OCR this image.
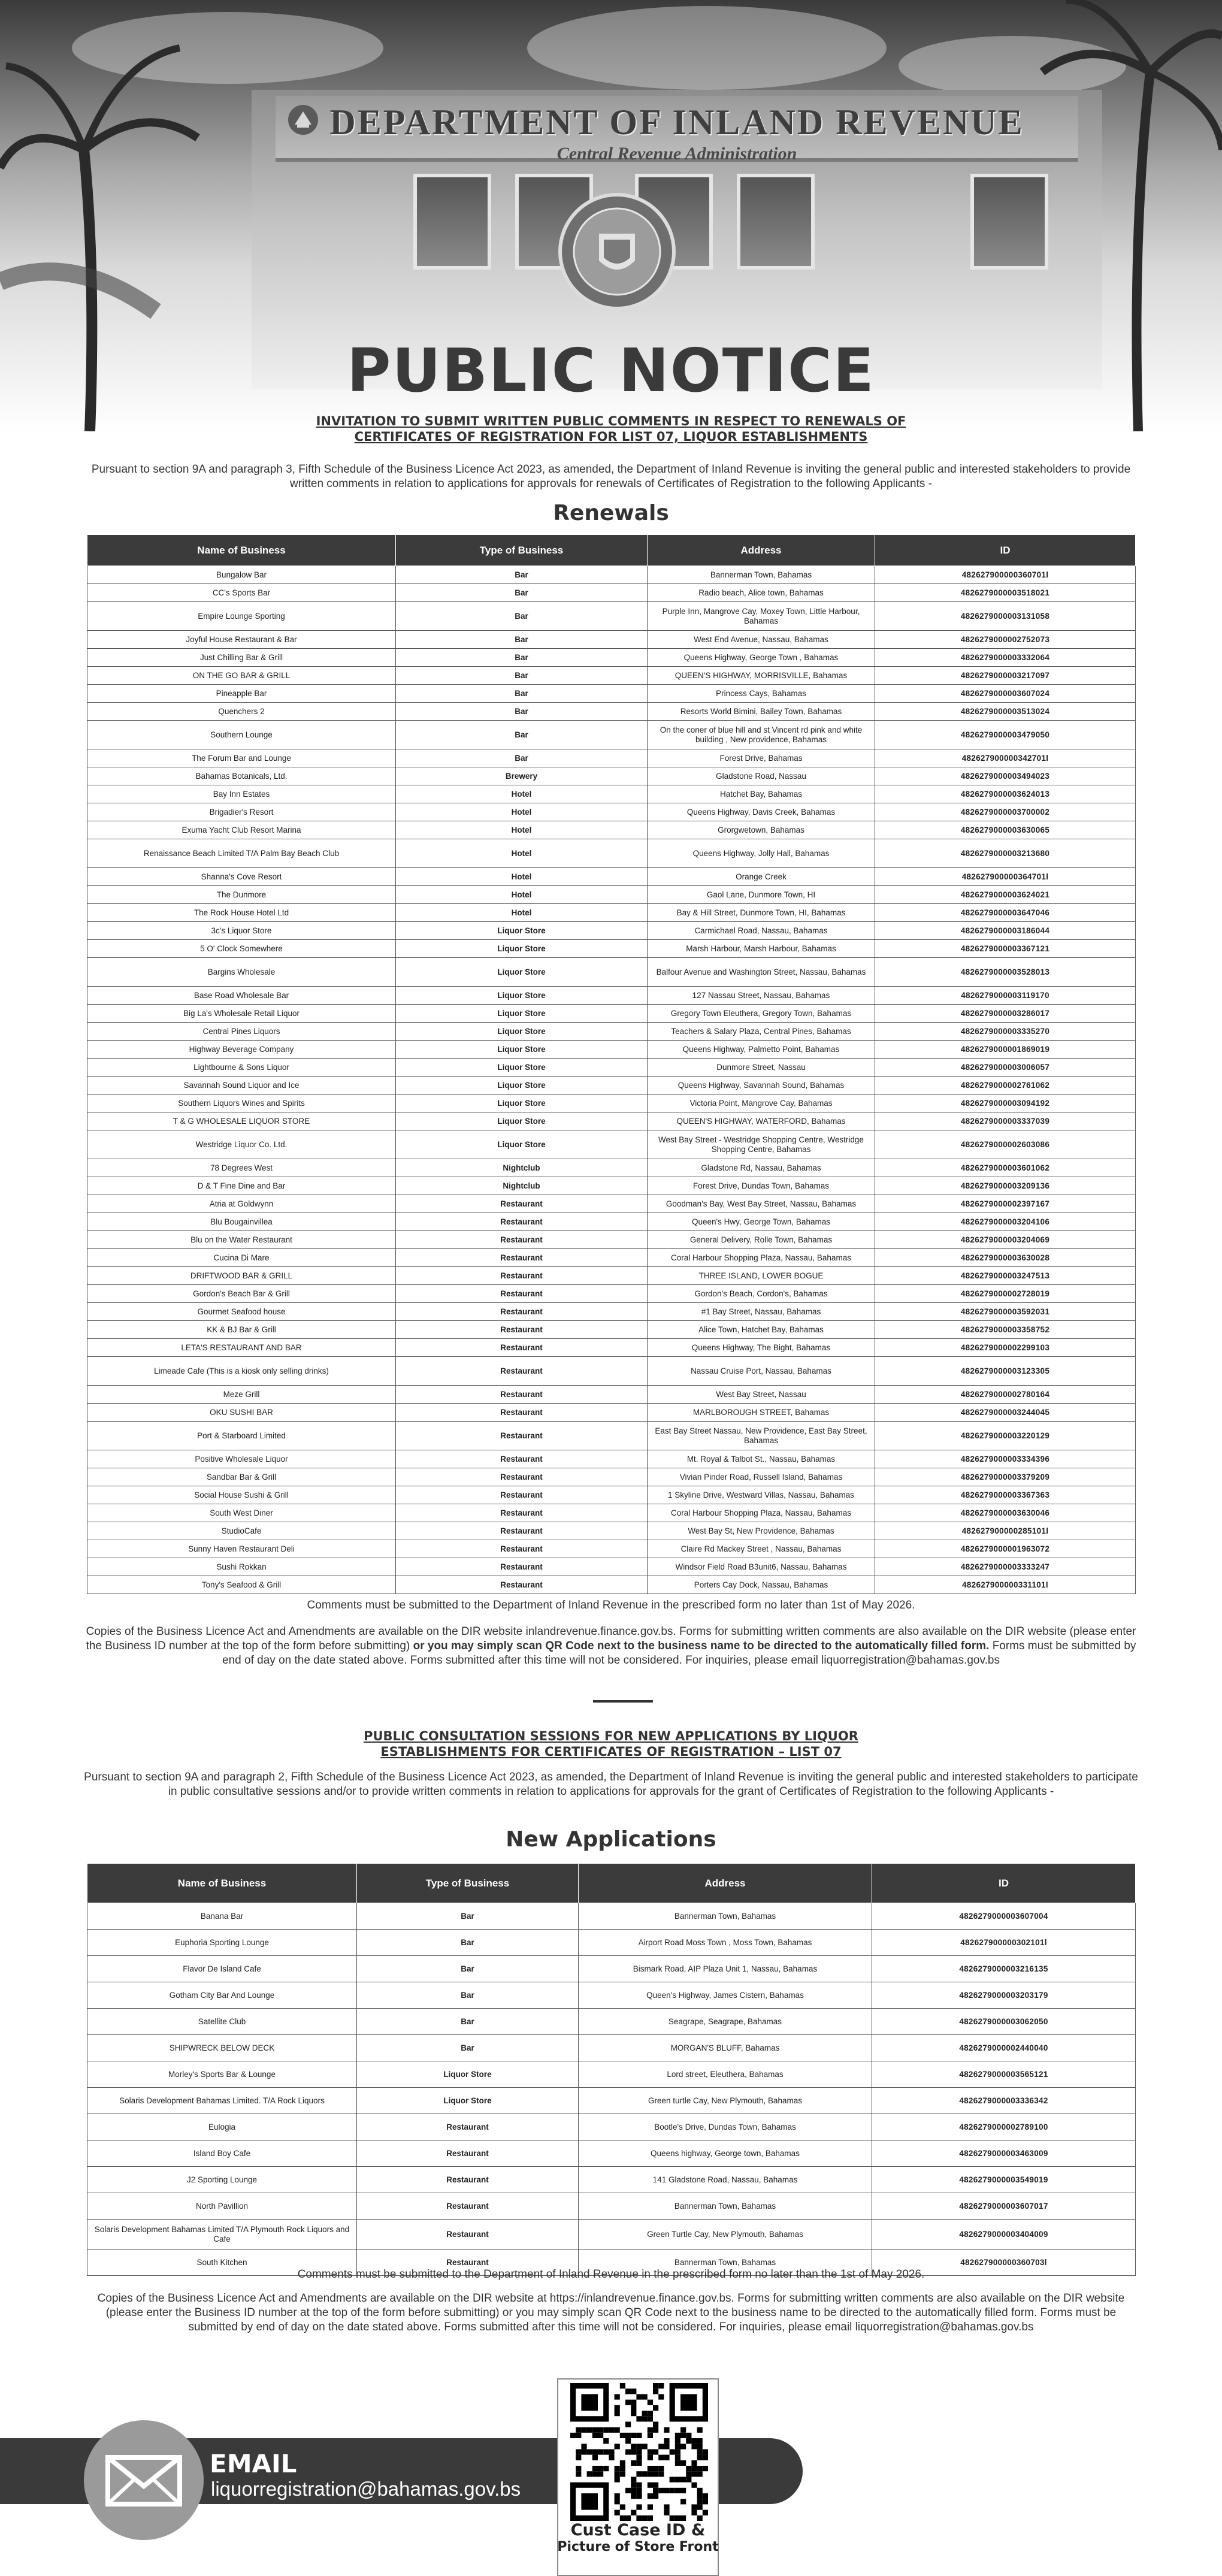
DEPARTMENT OF INLAND REVENUE
Central Revenue Administration
PUBLIC NOTICE
INVITATION TO SUBMIT WRITTEN PUBLIC COMMENTS IN RESPECT TO RENEWALS OF
CERTIFICATES OF REGISTRATION FOR LIST 07, LIQUOR ESTABLISHMENTS
Pursuant to section 9A and paragraph 3, Fifth Schedule of the Business Licence Act 2023, as amended, the Department of Inland Revenue is inviting the general public and interested stakeholders to provide written comments in relation to applications for approvals for renewals of Certificates of Registration to the following Applicants -
Renewals
Name of Business	Type of Business	Address	ID
Bungalow Bar	Bar	Bannerman Town, Bahamas	482627900000360701l
CC's Sports Bar	Bar	Radio beach, Alice town, Bahamas	4826279000003518021
Empire Lounge Sporting	Bar	Purple Inn, Mangrove Cay, Moxey Town, Little Harbour, Bahamas	4826279000003131058
Joyful House Restaurant & Bar	Bar	West End Avenue, Nassau, Bahamas	4826279000002752073
Just Chilling Bar & Grill	Bar	Queens Highway, George Town , Bahamas	4826279000003332064
ON THE GO BAR & GRILL	Bar	QUEEN'S HIGHWAY, MORRISVILLE, Bahamas	4826279000003217097
Pineapple Bar	Bar	Princess Cays, Bahamas	4826279000003607024
Quenchers 2	Bar	Resorts World Bimini, Bailey Town, Bahamas	4826279000003513024
Southern Lounge	Bar	On the coner of blue hill and st Vincent rd pink and white building , New providence, Bahamas	4826279000003479050
The Forum Bar and Lounge	Bar	Forest Drive, Bahamas	482627900000342701l
Bahamas Botanicals, Ltd.	Brewery	Gladstone Road, Nassau	4826279000003494023
Bay Inn Estates	Hotel	Hatchet Bay, Bahamas	4826279000003624013
Brigadier's Resort	Hotel	Queens Highway, Davis Creek, Bahamas	4826279000003700002
Exuma Yacht Club Resort Marina	Hotel	Grorgwetown, Bahamas	4826279000003630065
Renaissance Beach Limited T/A Palm Bay Beach Club	Hotel	Queens Highway, Jolly Hall, Bahamas	4826279000003213680
Shanna's Cove Resort	Hotel	Orange Creek	482627900000364701l
The Dunmore	Hotel	Gaol Lane, Dunmore Town, HI	4826279000003624021
The Rock House Hotel Ltd	Hotel	Bay & Hill Street, Dunmore Town, HI, Bahamas	4826279000003647046
3c's Liquor Store	Liquor Store	Carmichael Road, Nassau, Bahamas	4826279000003186044
5 O' Clock Somewhere	Liquor Store	Marsh Harbour, Marsh Harbour, Bahamas	4826279000003367121
Bargins Wholesale	Liquor Store	Balfour Avenue and Washington Street, Nassau, Bahamas	4826279000003528013
Base Road Wholesale Bar	Liquor Store	127 Nassau Street, Nassau, Bahamas	4826279000003119170
Big La's Wholesale Retail Liquor	Liquor Store	Gregory Town Eleuthera, Gregory Town, Bahamas	4826279000003286017
Central Pines Liquors	Liquor Store	Teachers & Salary Plaza, Central Pines, Bahamas	4826279000003335270
Highway Beverage Company	Liquor Store	Queens Highway, Palmetto Point, Bahamas	4826279000001869019
Lightbourne & Sons Liquor	Liquor Store	Dunmore Street, Nassau	4826279000003006057
Savannah Sound Liquor and Ice	Liquor Store	Queens Highway, Savannah Sound, Bahamas	4826279000002761062
Southern Liquors Wines and Spirits	Liquor Store	Victoria Point, Mangrove Cay, Bahamas	4826279000003094192
T & G WHOLESALE LIQUOR STORE	Liquor Store	QUEEN'S HIGHWAY, WATERFORD, Bahamas	4826279000003337039
Westridge Liquor Co. Ltd.	Liquor Store	West Bay Street - Westridge Shopping Centre, Westridge Shopping Centre, Bahamas	4826279000002603086
78 Degrees West	Nightclub	Gladstone Rd, Nassau, Bahamas	4826279000003601062
D & T Fine Dine and Bar	Nightclub	Forest Drive, Dundas Town, Bahamas	4826279000003209136
Atria at Goldwynn	Restaurant	Goodman's Bay, West Bay Street, Nassau, Bahamas	4826279000002397167
Blu Bougainvillea	Restaurant	Queen's Hwy, George Town, Bahamas	4826279000003204106
Blu on the Water Restaurant	Restaurant	General Delivery, Rolle Town, Bahamas	4826279000003204069
Cucina Di Mare	Restaurant	Coral Harbour Shopping Plaza, Nassau, Bahamas	4826279000003630028
DRIFTWOOD BAR & GRILL	Restaurant	THREE ISLAND, LOWER BOGUE	4826279000003247513
Gordon's Beach Bar & Grill	Restaurant	Gordon's Beach, Cordon's, Bahamas	4826279000002728019
Gourmet Seafood house	Restaurant	#1 Bay Street, Nassau, Bahamas	4826279000003592031
KK & BJ Bar & Grill	Restaurant	Alice Town, Hatchet Bay, Bahamas	4826279000003358752
LETA'S RESTAURANT AND BAR	Restaurant	Queens Highway, The Bight, Bahamas	4826279000002299103
Limeade Cafe (This is a kiosk only selling drinks)	Restaurant	Nassau Cruise Port, Nassau, Bahamas	4826279000003123305
Meze Grill	Restaurant	West Bay Street, Nassau	4826279000002780164
OKU SUSHI BAR	Restaurant	MARLBOROUGH STREET, Bahamas	4826279000003244045
Port & Starboard Limited	Restaurant	East Bay Street Nassau, New Providence, East Bay Street, Bahamas	4826279000003220129
Positive Wholesale Liquor	Restaurant	Mt. Royal & Talbot St., Nassau, Bahamas	4826279000003334396
Sandbar Bar & Grill	Restaurant	Vivian Pinder Road, Russell Island, Bahamas	4826279000003379209
Social House Sushi & Grill	Restaurant	1 Skyline Drive, Westward Villas, Nassau, Bahamas	4826279000003367363
South West Diner	Restaurant	Coral Harbour Shopping Plaza, Nassau, Bahamas	4826279000003630046
StudioCafe	Restaurant	West Bay St, New Providence, Bahamas	482627900000285101l
Sunny Haven Restaurant Deli	Restaurant	Claire Rd Mackey Street , Nassau, Bahamas	4826279000001963072
Sushi Rokkan	Restaurant	Windsor Field Road B3unit6, Nassau, Bahamas	4826279000003333247
Tony's Seafood & Grill	Restaurant	Porters Cay Dock, Nassau, Bahamas	482627900000331101l
Comments must be submitted to the Department of Inland Revenue in the prescribed form no later than 1st of May 2026.
Copies of the Business Licence Act and Amendments are available on the DIR website inlandrevenue.finance.gov.bs. Forms for submitting written comments are also available on the DIR website (please enter the Business ID number at the top of the form before submitting) or you may simply scan QR Code next to the business name to be directed to the automatically filled form. Forms must be submitted by end of day on the date stated above. Forms submitted after this time will not be considered. For inquiries, please email liquorregistration@bahamas.gov.bs
PUBLIC CONSULTATION SESSIONS FOR NEW APPLICATIONS BY LIQUOR
ESTABLISHMENTS FOR CERTIFICATES OF REGISTRATION – LIST 07
Pursuant to section 9A and paragraph 2, Fifth Schedule of the Business Licence Act 2023, as amended, the Department of Inland Revenue is inviting the general public and interested stakeholders to participate in public consultative sessions and/or to provide written comments in relation to applications for approvals for the grant of Certificates of Registration to the following Applicants -
New Applications
Name of Business	Type of Business	Address	ID
Banana Bar	Bar	Bannerman Town, Bahamas	4826279000003607004
Euphoria Sporting Lounge	Bar	Airport Road Moss Town , Moss Town, Bahamas	482627900000302101l
Flavor De Island Cafe	Bar	Bismark Road, AIP Plaza Unit 1, Nassau, Bahamas	4826279000003216135
Gotham City Bar And Lounge	Bar	Queen's Highway, James Cistern, Bahamas	4826279000003203179
Satellite Club	Bar	Seagrape, Seagrape, Bahamas	4826279000003062050
SHIPWRECK BELOW DECK	Bar	MORGAN'S BLUFF, Bahamas	4826279000002440040
Morley's Sports Bar & Lounge	Liquor Store	Lord street, Eleuthera, Bahamas	4826279000003565121
Solaris Development Bahamas Limited. T/A Rock Liquors	Liquor Store	Green turtle Cay, New Plymouth, Bahamas	4826279000003336342
Eulogia	Restaurant	Bootle's Drive, Dundas Town, Bahamas	4826279000002789100
Island Boy Cafe	Restaurant	Queens highway, George town, Bahamas	4826279000003463009
J2 Sporting Lounge	Restaurant	141 Gladstone Road, Nassau, Bahamas	4826279000003549019
North Pavillion	Restaurant	Bannerman Town, Bahamas	4826279000003607017
Solaris Development Bahamas Limited T/A Plymouth Rock Liquors and Cafe	Restaurant	Green Turtle Cay, New Plymouth, Bahamas	4826279000003404009
South Kitchen	Restaurant	Bannerman Town, Bahamas	482627900000360703l
Comments must be submitted to the Department of Inland Revenue in the prescribed form no later than the 1st of May 2026.
Copies of the Business Licence Act and Amendments are available on the DIR website at https://inlandrevenue.finance.gov.bs. Forms for submitting written comments are also available on the DIR website (please enter the Business ID number at the top of the form before submitting) or you may simply scan QR Code next to the business name to be directed to the automatically filled form. Forms must be submitted by end of day on the date stated above. Forms submitted after this time will not be considered. For inquiries, please email liquorregistration@bahamas.gov.bs
EMAIL
liquorregistration@bahamas.gov.bs
Cust Case ID &
Picture of Store Front
